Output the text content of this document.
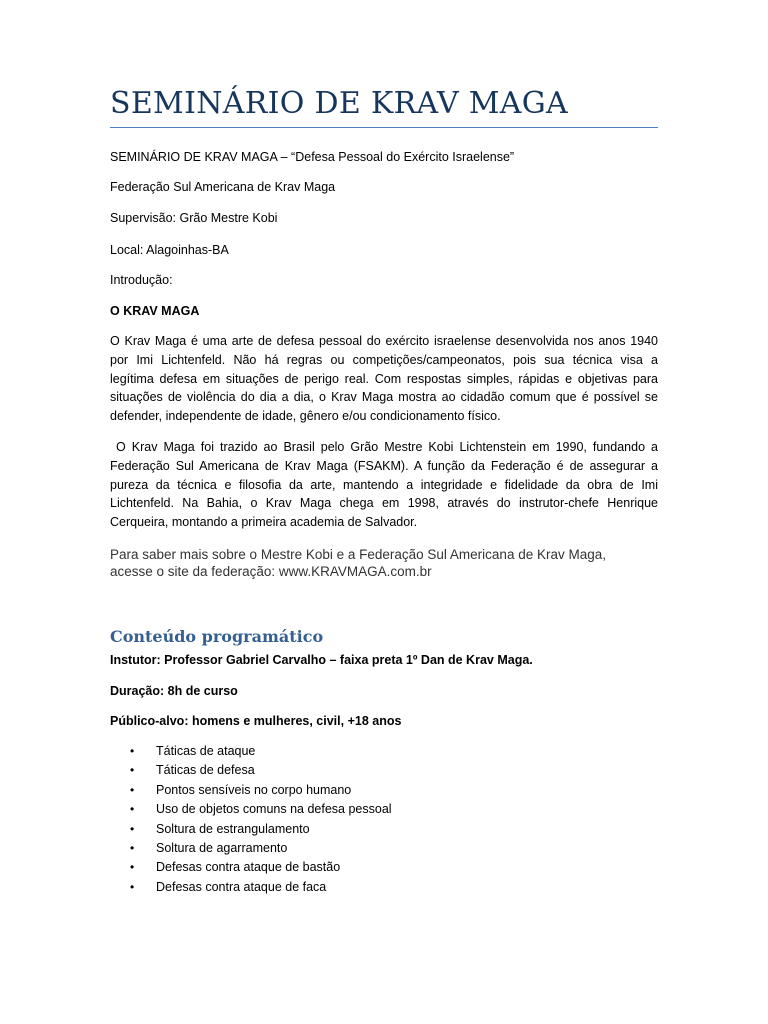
SEMINÁRIO DE KRAV MAGA
SEMINÁRIO DE KRAV MAGA – “Defesa Pessoal do Exército Israelense”
Federação Sul Americana de Krav Maga
Supervisão: Grão Mestre Kobi
Local: Alagoinhas-BA
Introdução:
O KRAV MAGA
O Krav Maga é uma arte de defesa pessoal do exército israelense desenvolvida nos anos 1940
por Imi Lichtenfeld. Não há regras ou competições/campeonatos, pois sua técnica visa a
legítima defesa em situações de perigo real. Com respostas simples, rápidas e objetivas para
situações de violência do dia a dia, o Krav Maga mostra ao cidadão comum que é possível se
defender, independente de idade, gênero e/ou condicionamento físico.
O Krav Maga foi trazido ao Brasil pelo Grão Mestre Kobi Lichtenstein em 1990, fundando a
Federação Sul Americana de Krav Maga (FSAKM). A função da Federação é de assegurar a
pureza da técnica e filosofia da arte, mantendo a integridade e fidelidade da obra de Imi
Lichtenfeld. Na Bahia, o Krav Maga chega em 1998, através do instrutor-chefe Henrique
Cerqueira, montando a primeira academia de Salvador.
Para saber mais sobre o Mestre Kobi e a Federação Sul Americana de Krav Maga,
acesse o site da federação: www.KRAVMAGA.com.br
Conteúdo programático
Instutor: Professor Gabriel Carvalho – faixa preta 1º Dan de Krav Maga.
Duração: 8h de curso
Público-alvo: homens e mulheres, civil, +18 anos
• Táticas de ataque
• Táticas de defesa
• Pontos sensíveis no corpo humano
• Uso de objetos comuns na defesa pessoal
• Soltura de estrangulamento
• Soltura de agarramento
• Defesas contra ataque de bastão
• Defesas contra ataque de faca
